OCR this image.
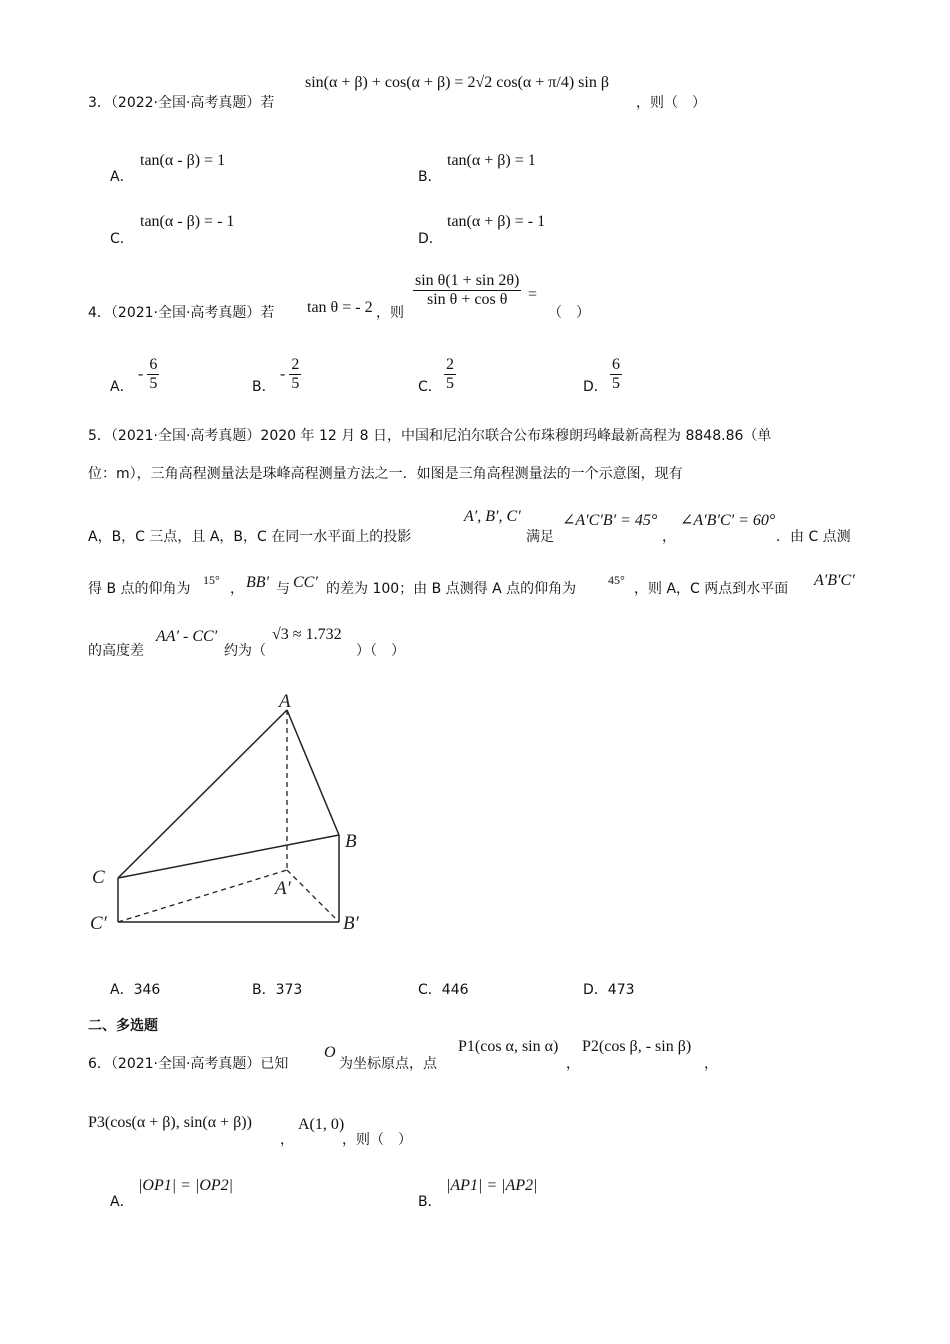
3．（2022·全国·高考真题）若
sin(α + β) + cos(α + β) = 2√2 cos(α + π/4) sin β
，则（　）
A．
tan(α - β) = 1
B．
tan(α + β) = 1
C．
tan(α - β) = - 1
D．
tan(α + β) = - 1
4．（2021·全国·高考真题）若 tan θ = - 2 ，则
$\frac{\text{sin θ(1 + sin 2θ)}}{\text{sin θ + cos θ}}$ =
（　）
A．
- $\frac{6}{5}$	B．
- $\frac{2}{5}$	C． $\frac{2}{5}$	D． $\frac{6}{5}$
5．（2021·全国·高考真题）2020 年 12 月 8 日，中国和尼泊尔联合公布珠穆朗玛峰最新高程为 8848.86（单
位：m），三角高程测量法是珠峰高程测量方法之一．如图是三角高程测量法的一个示意图，现有
A，B，C 三点，且 A，B，C 在同一水平面上的投影
A′, B′, C′
满足
∠A′C′B′ = 45°
，
∠A′B′C′ = 60°
．由 C 点测
得 B 点的仰角为
15°
， BB′ 与 CC′ 的差为 100；由 B 点测得 A 点的仰角为
45°
，则 A，C 两点到水平面 A′B′C′
的高度差
AA′ - CC′
约为（
√3 ≈ 1.732
）（　）
A
B
C
A′
B′
C′
A．346	B．373	C．446	D．473
二、多选题
6．（2021·全国·高考真题）已知
O
为坐标原点，点
P1(cos α, sin α)
，
P2(cos β, - sin β)
，
P3(cos(α + β), sin(α + β))
，
A(1, 0)
，则（　）
A．
|OP1| = |OP2|
B．
|AP1| = |AP2|
